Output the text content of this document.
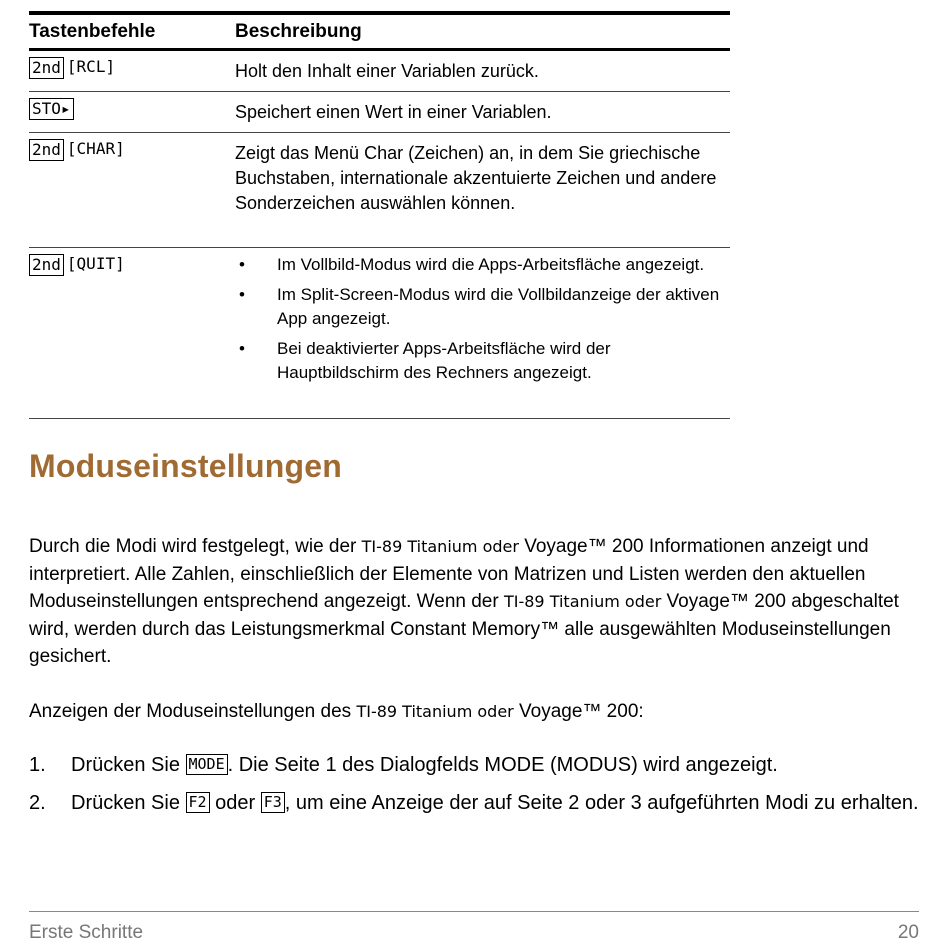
Tastenbefehle	Beschreibung
2nd [RCL]	Holt den Inhalt einer Variablen zurück.
STO▸	Speichert einen Wert in einer Variablen.
2nd [CHAR]	Zeigt das Menü Char (Zeichen) an, in dem Sie griechische Buchstaben, internationale akzentuierte Zeichen und andere Sonderzeichen auswählen können.
2nd [QUIT]	• Im Vollbild-Modus wird die Apps-Arbeitsfläche angezeigt.
• Im Split-Screen-Modus wird die Vollbildanzeige der aktiven App angezeigt.
• Bei deaktivierter Apps-Arbeitsfläche wird der Hauptbildschirm des Rechners angezeigt.
Moduseinstellungen
Durch die Modi wird festgelegt, wie der TI-89 Titanium oder Voyage™ 200 Informationen anzeigt und interpretiert. Alle Zahlen, einschließlich der Elemente von Matrizen und Listen werden den aktuellen Moduseinstellungen entsprechend angezeigt. Wenn der TI-89 Titanium oder Voyage™ 200 abgeschaltet wird, werden durch das Leistungsmerkmal Constant Memory™ alle ausgewählten Moduseinstellungen gesichert.
Anzeigen der Moduseinstellungen des TI-89 Titanium oder Voyage™ 200:
1.	Drücken Sie MODE . Die Seite 1 des Dialogfelds MODE (MODUS) wird angezeigt.
2.	Drücken Sie F2 oder F3 , um eine Anzeige der auf Seite 2 oder 3 aufgeführten Modi zu erhalten.
Erste Schritte	20
